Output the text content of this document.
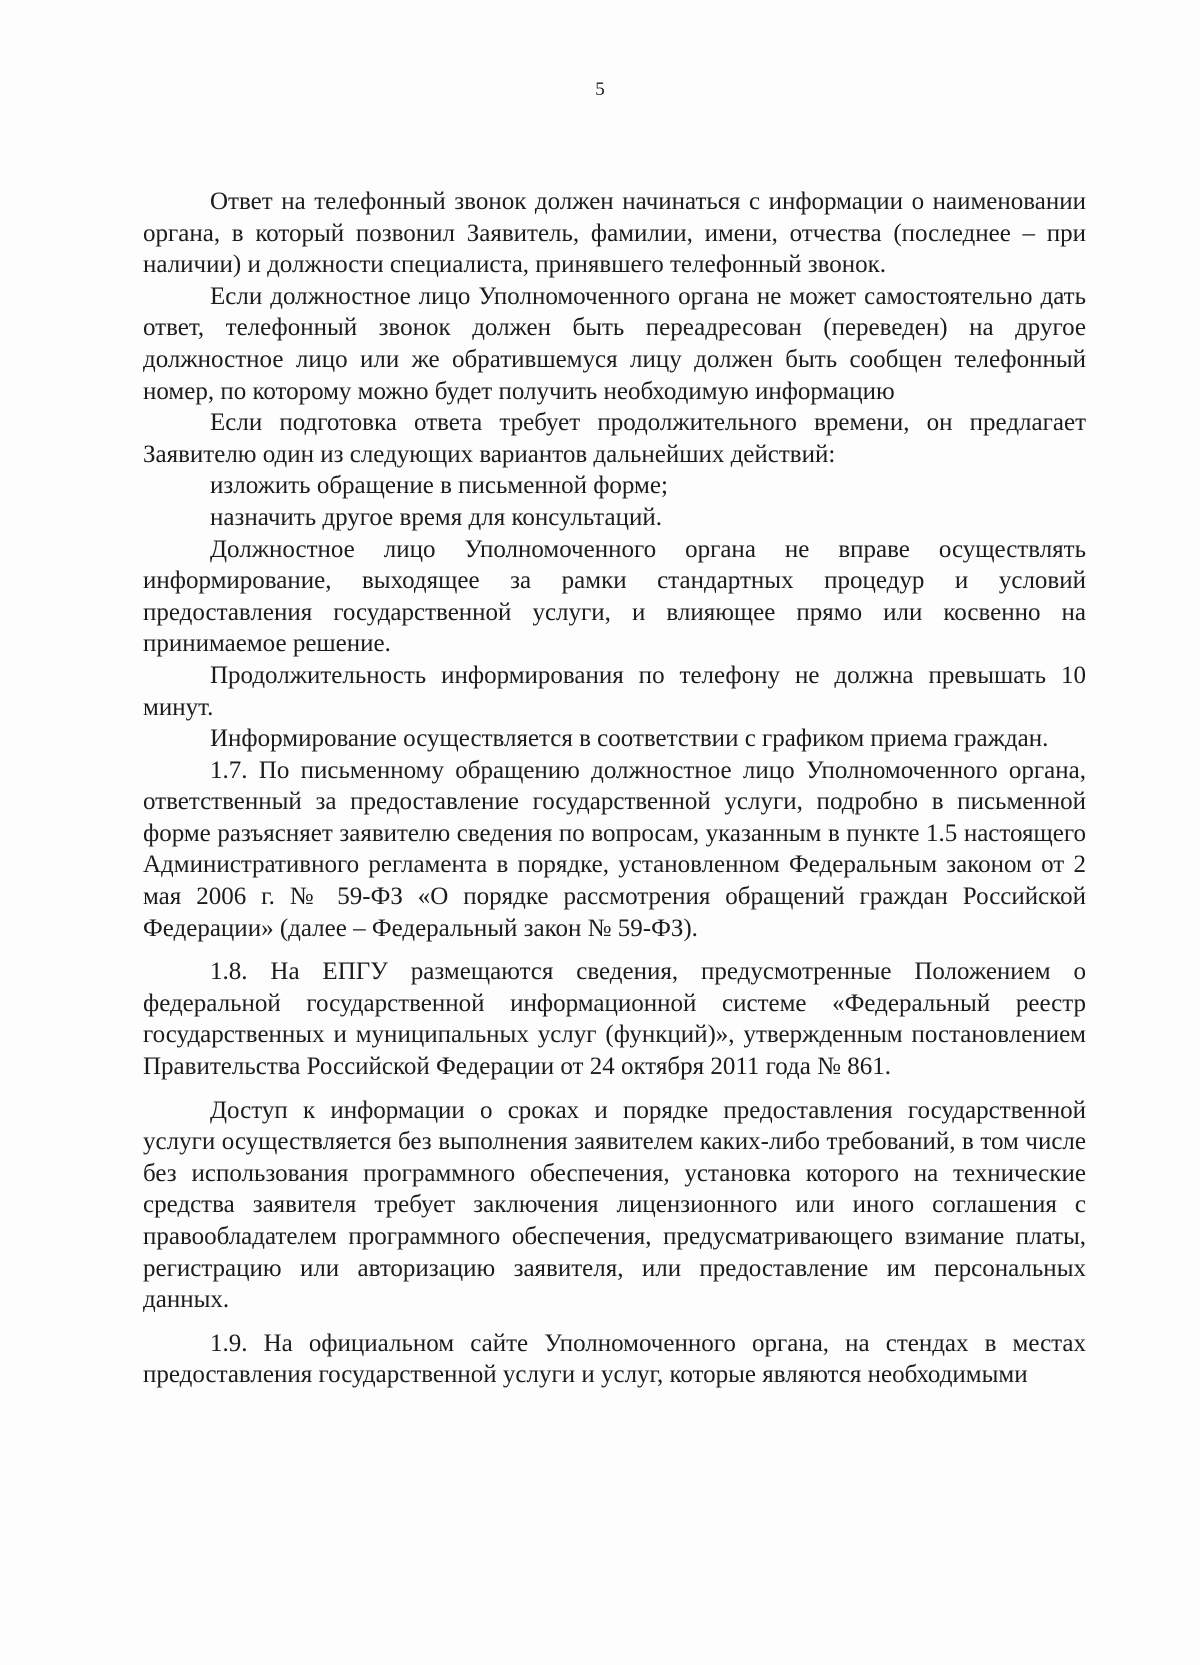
5

Ответ на телефонный звонок должен начинаться с информации о наименовании органа, в который позвонил Заявитель, фамилии, имени, отчества (последнее – при наличии) и должности специалиста, принявшего телефонный звонок.

Если должностное лицо Уполномоченного органа не может самостоятельно дать ответ, телефонный звонок должен быть переадресован (переведен) на другое должностное лицо или же обратившемуся лицу должен быть сообщен телефонный номер, по которому можно будет получить необходимую информацию

Если подготовка ответа требует продолжительного времени, он предлагает Заявителю один из следующих вариантов дальнейших действий:

изложить обращение в письменной форме;

назначить другое время для консультаций.

Должностное лицо Уполномоченного органа не вправе осуществлять информирование, выходящее за рамки стандартных процедур и условий предоставления государственной услуги, и влияющее прямо или косвенно на принимаемое решение.

Продолжительность информирования по телефону не должна превышать 10 минут.

Информирование осуществляется в соответствии с графиком приема граждан.

1.7. По письменному обращению должностное лицо Уполномоченного органа, ответственный за предоставление государственной услуги, подробно в письменной форме разъясняет заявителю сведения по вопросам, указанным в пункте 1.5 настоящего Административного регламента в порядке, установленном Федеральным законом от 2 мая 2006 г. № 59-ФЗ «О порядке рассмотрения обращений граждан Российской Федерации» (далее – Федеральный закон № 59-ФЗ).

1.8. На ЕПГУ размещаются сведения, предусмотренные Положением о федеральной государственной информационной системе «Федеральный реестр государственных и муниципальных услуг (функций)», утвержденным постановлением Правительства Российской Федерации от 24 октября 2011 года № 861.

Доступ к информации о сроках и порядке предоставления государственной услуги осуществляется без выполнения заявителем каких-либо требований, в том числе без использования программного обеспечения, установка которого на технические средства заявителя требует заключения лицензионного или иного соглашения с правообладателем программного обеспечения, предусматривающего взимание платы, регистрацию или авторизацию заявителя, или предоставление им персональных данных.

1.9. На официальном сайте Уполномоченного органа, на стендах в местах предоставления государственной услуги и услуг, которые являются необходимыми
